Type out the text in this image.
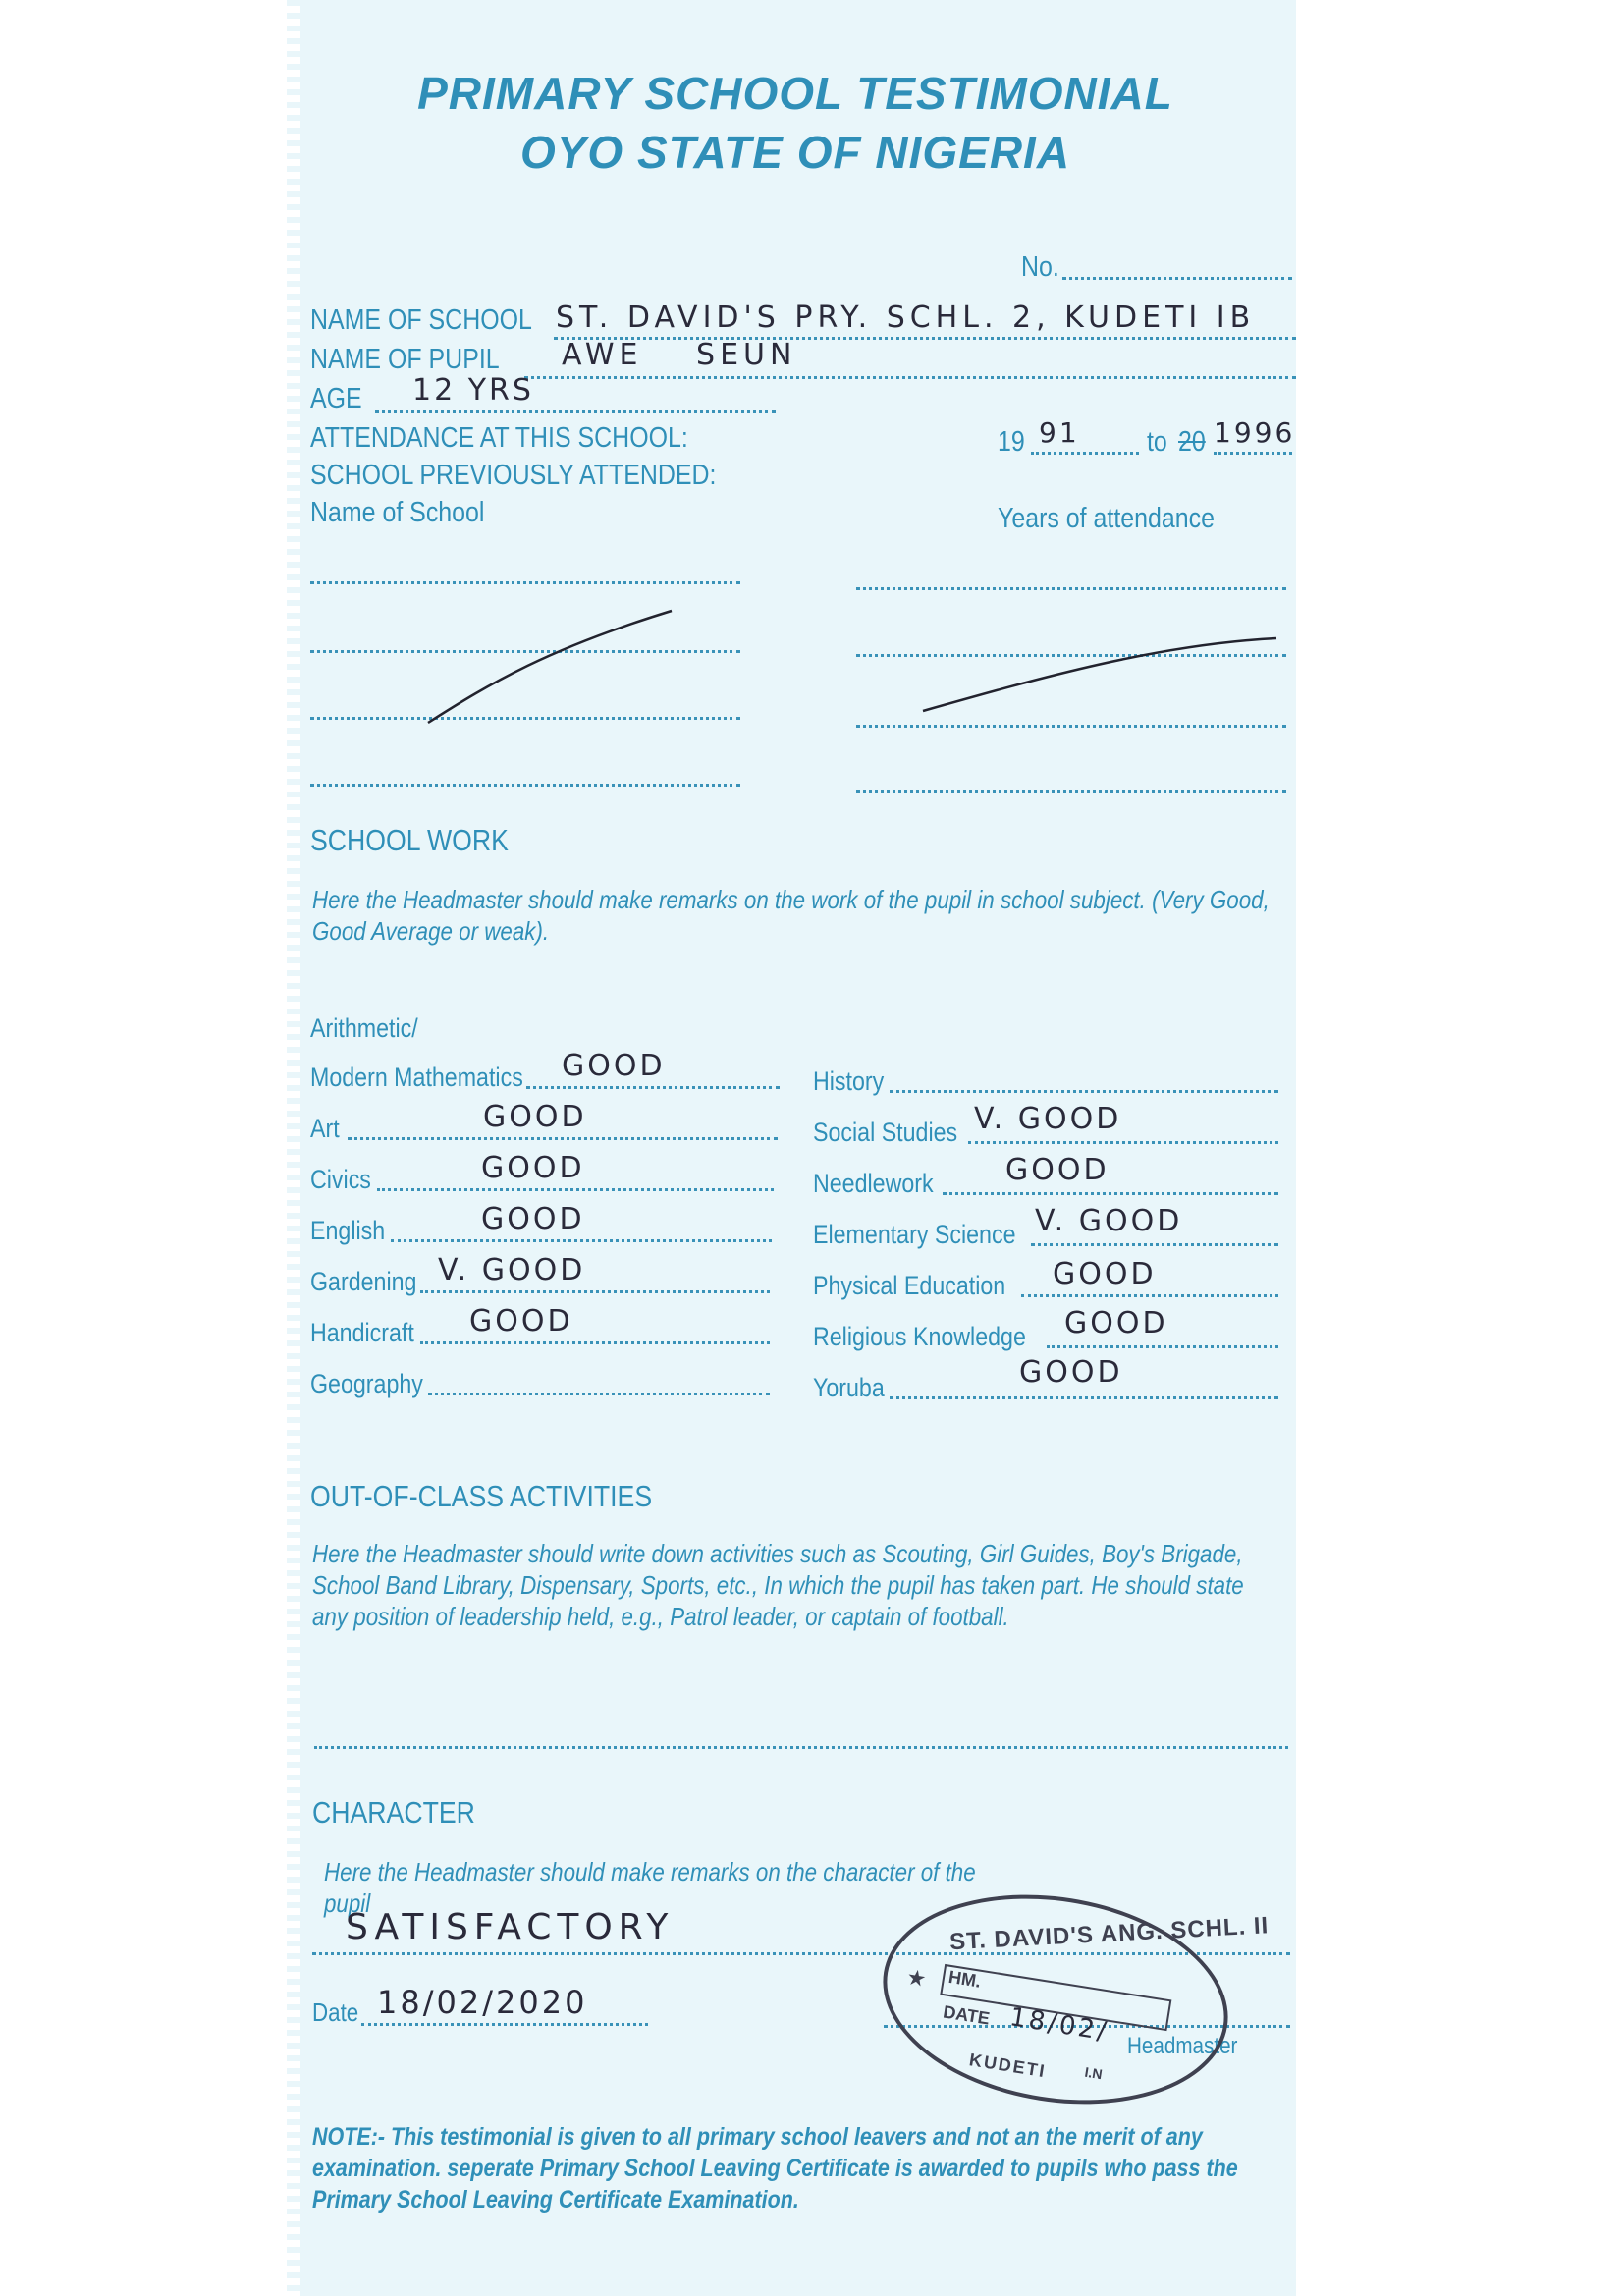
PRIMARY SCHOOL TESTIMONIAL
OYO STATE OF NIGERIA
No.
NAME OF SCHOOL ST. DAVID'S PRY. SCHL. 2, KUDETI IB
NAME OF PUPIL AWE SEUN
AGE 12 YRS
ATTENDANCE AT THIS SCHOOL:	19 91 to 20 1996
SCHOOL PREVIOUSLY ATTENDED:
Name of School	Years of attendance
SCHOOL WORK
Here the Headmaster should make remarks on the work of the pupil in school subject. (Very Good, Good Average or weak).
Arithmetic/
Modern Mathematics GOOD
Art	GOOD
Civics	GOOD
English	GOOD
Gardening V. GOOD
Handicraft GOOD
Geography
History
Social Studies V. GOOD
Needlework GOOD
Elementary Science V. GOOD
Physical Education GOOD
Religious Knowledge GOOD
Yoruba	GOOD
OUT-OF-CLASS ACTIVITIES
Here the Headmaster should write down activities such as Scouting, Girl Guides, Boy's Brigade, School Band Library, Dispensary, Sports, etc., In which the pupil has taken part. He should state any position of leadership held, e.g., Patrol leader, or captain of football.
CHARACTER
Here the Headmaster should make remarks on the character of the pupil
SATISFACTORY
Date 18/02/2020
Headmaster
ST. DAVID'S ANG. SCHL. II
HM.
DATE 18/02/
KUDETI	I.N
★
NOTE:- This testimonial is given to all primary school leavers and not an the merit of any examination. seperate Primary School Leaving Certificate is awarded to pupils who pass the Primary School Leaving Certificate Examination.
